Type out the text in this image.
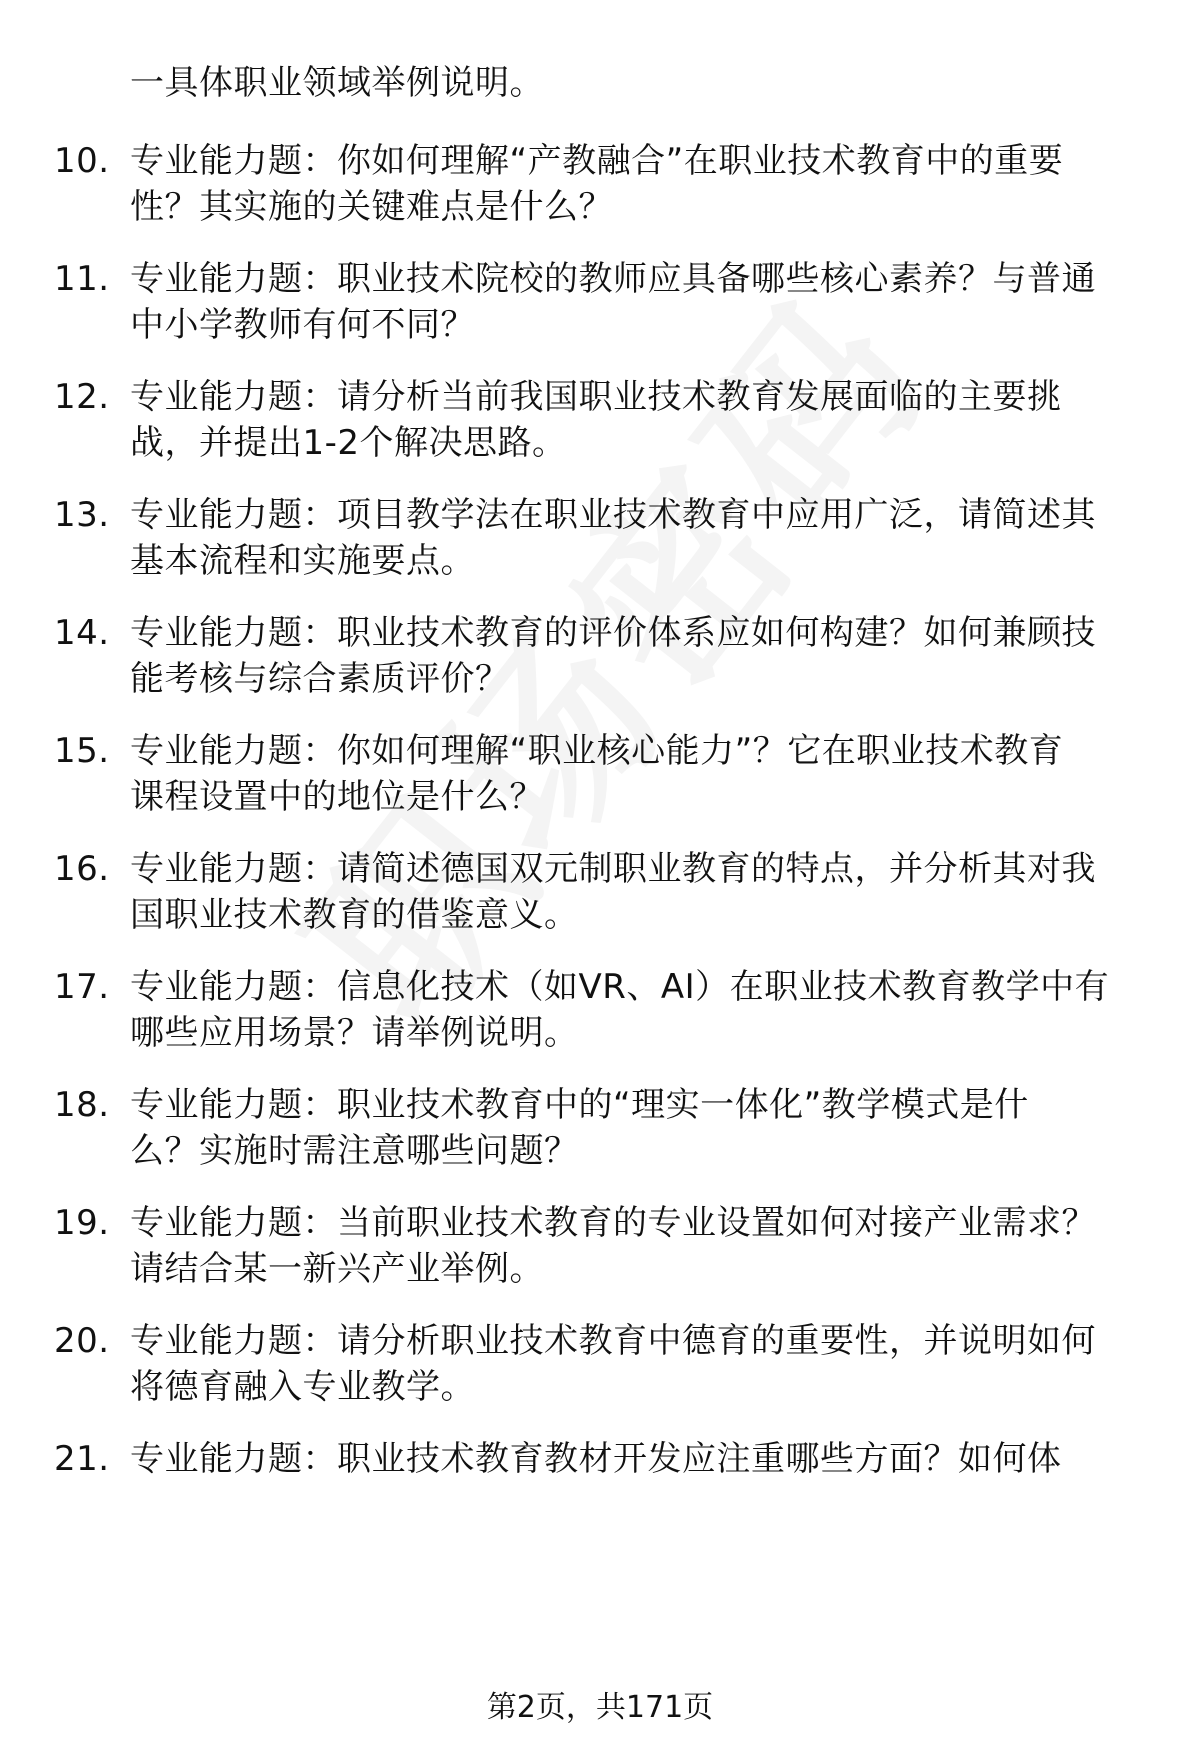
一具体职业领域举例说明。
10. 专业能力题：你如何理解“产教融合”在职业技术教育中的重要
性？其实施的关键难点是什么？
11. 专业能力题：职业技术院校的教师应具备哪些核心素养？与普通
中小学教师有何不同？
12. 专业能力题：请分析当前我国职业技术教育发展面临的主要挑
战，并提出1-2个解决思路。
13. 专业能力题：项目教学法在职业技术教育中应用广泛，请简述其
基本流程和实施要点。
14. 专业能力题：职业技术教育的评价体系应如何构建？如何兼顾技
能考核与综合素质评价？
15. 专业能力题：你如何理解“职业核心能力”？它在职业技术教育
课程设置中的地位是什么？
16. 专业能力题：请简述德国双元制职业教育的特点，并分析其对我
国职业技术教育的借鉴意义。
17. 专业能力题：信息化技术（如VR、AI）在职业技术教育教学中有
哪些应用场景？请举例说明。
18. 专业能力题：职业技术教育中的“理实一体化”教学模式是什
么？实施时需注意哪些问题？
19. 专业能力题：当前职业技术教育的专业设置如何对接产业需求？
请结合某一新兴产业举例。
20. 专业能力题：请分析职业技术教育中德育的重要性，并说明如何
将德育融入专业教学。
21. 专业能力题：职业技术教育教材开发应注重哪些方面？如何体
第2页，共171页
